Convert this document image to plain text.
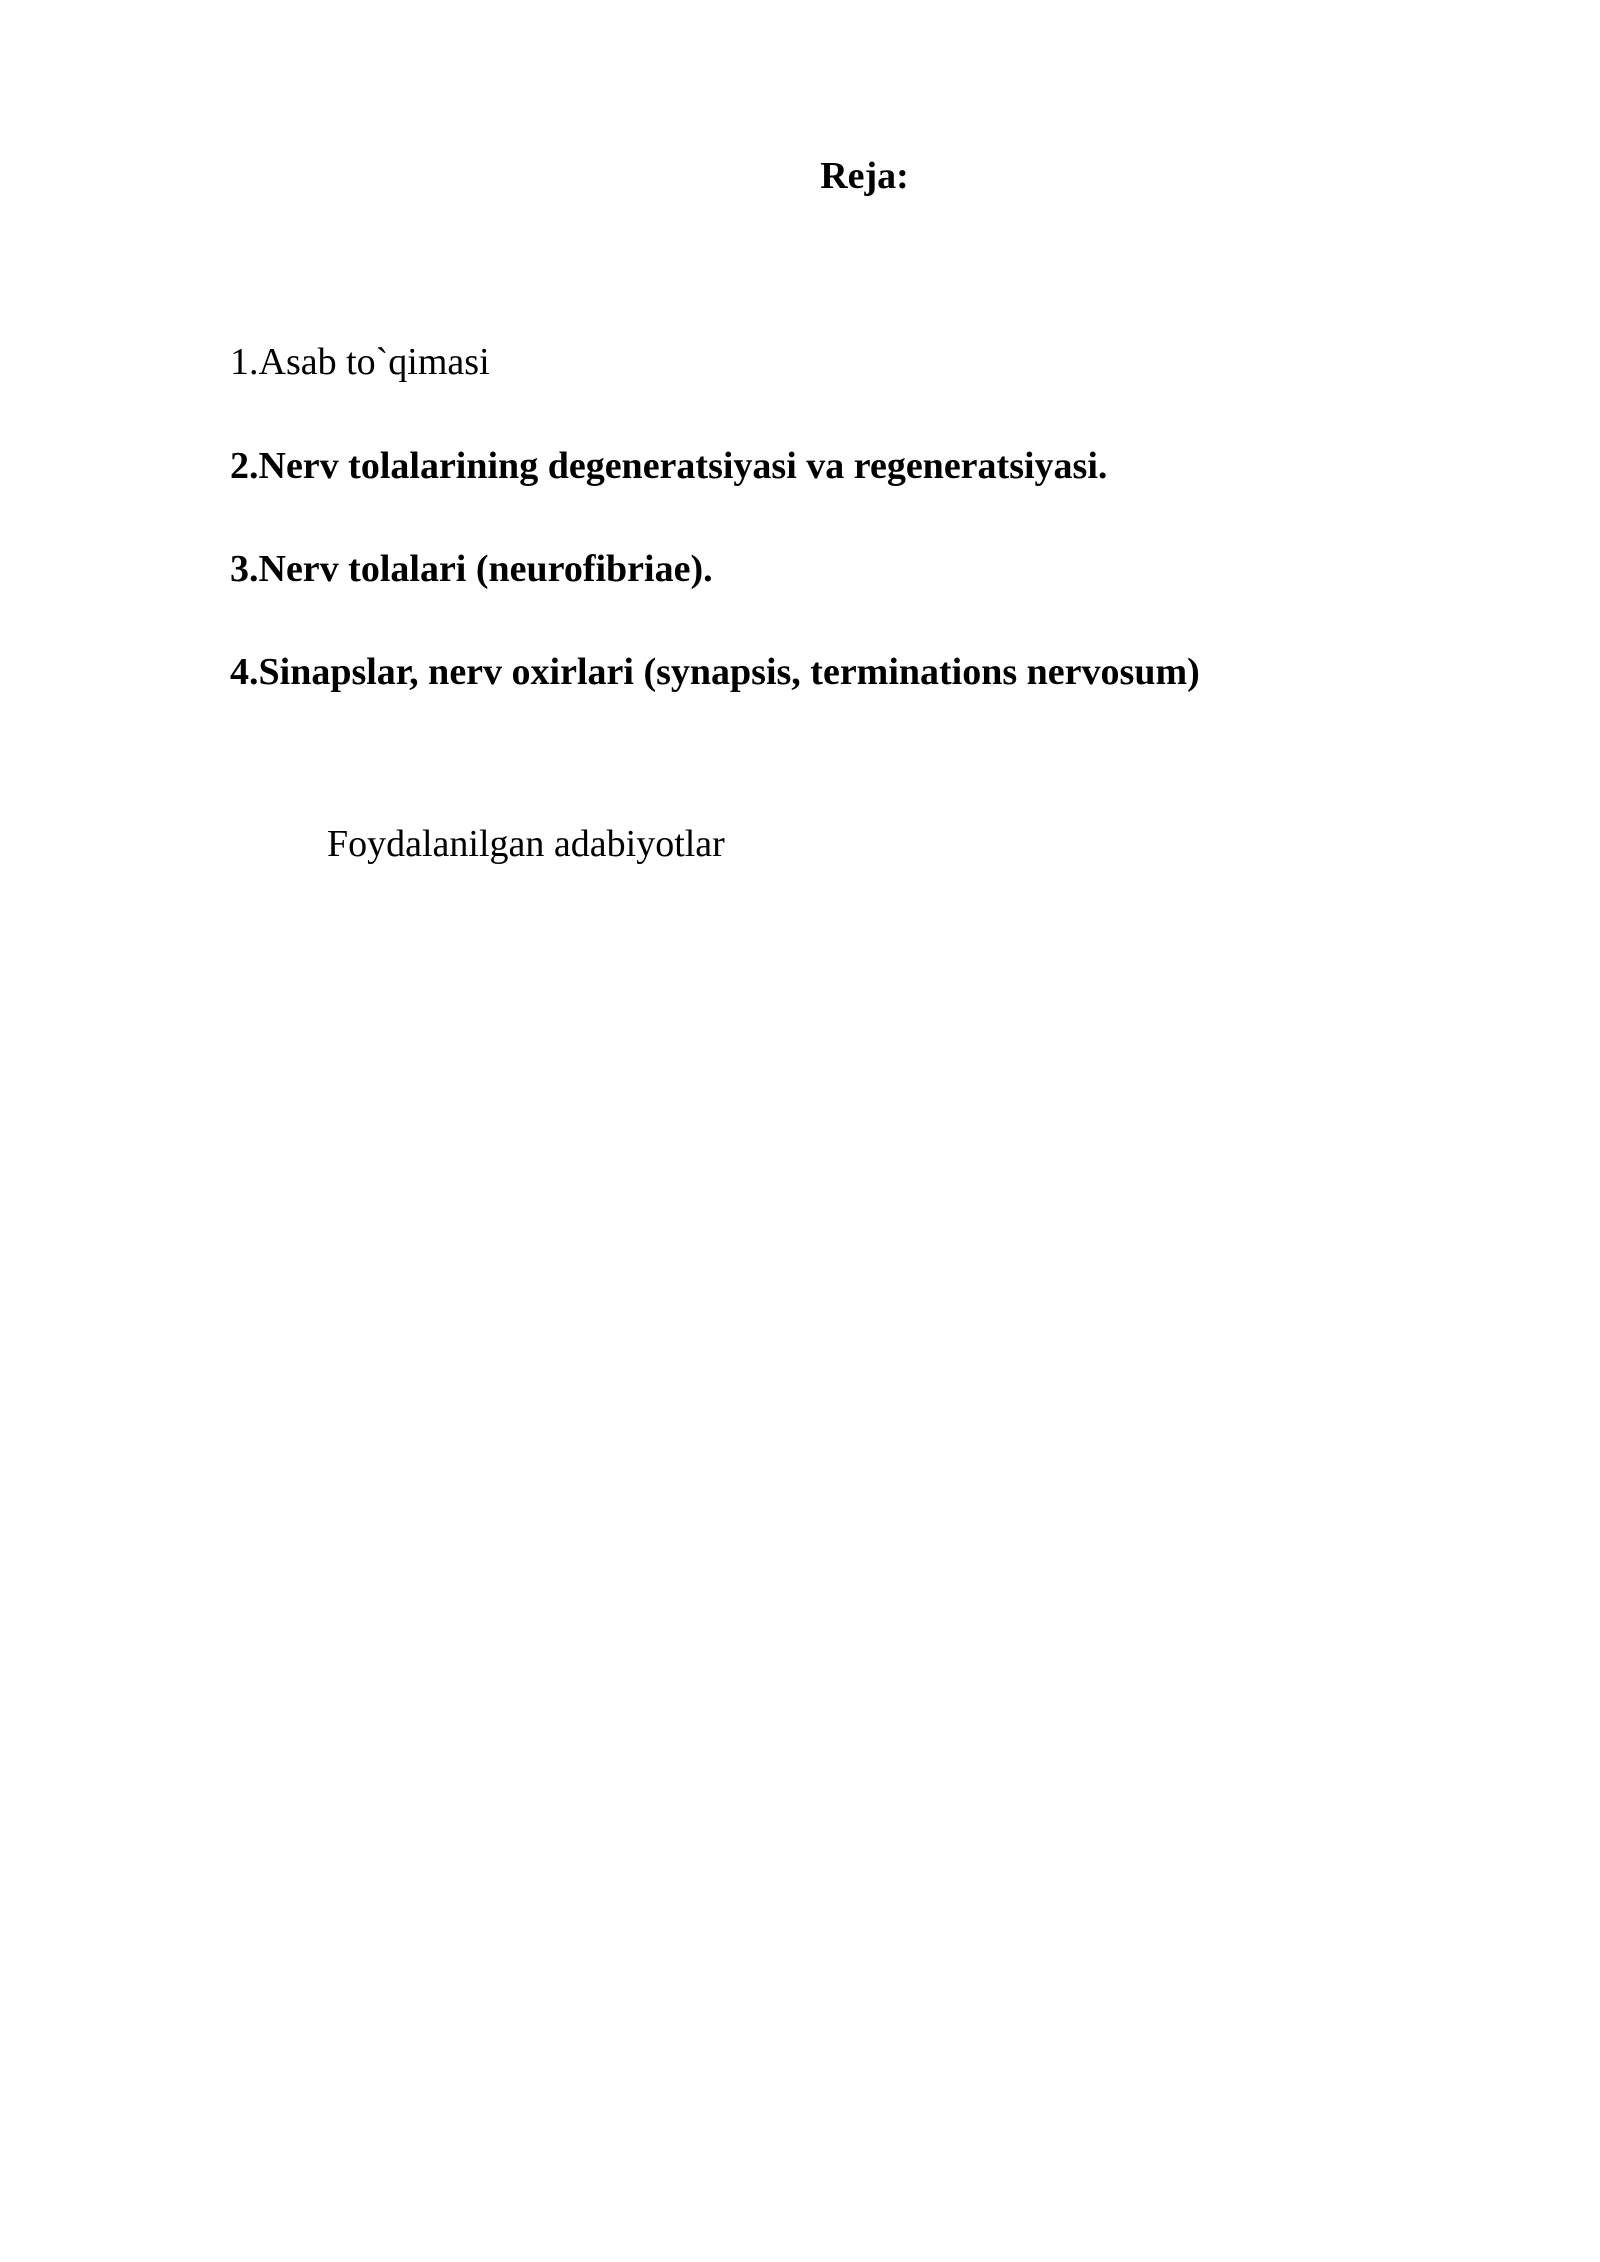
Reja:
1.Asab to`qimasi
2.Nerv tolalarining degeneratsiyasi va regeneratsiyasi.
3.Nerv tolalari (neurofibriae).
4.Sinapslar, nerv oxirlari (synapsis, terminations nervosum)
Foydalanilgan adabiyotlar
